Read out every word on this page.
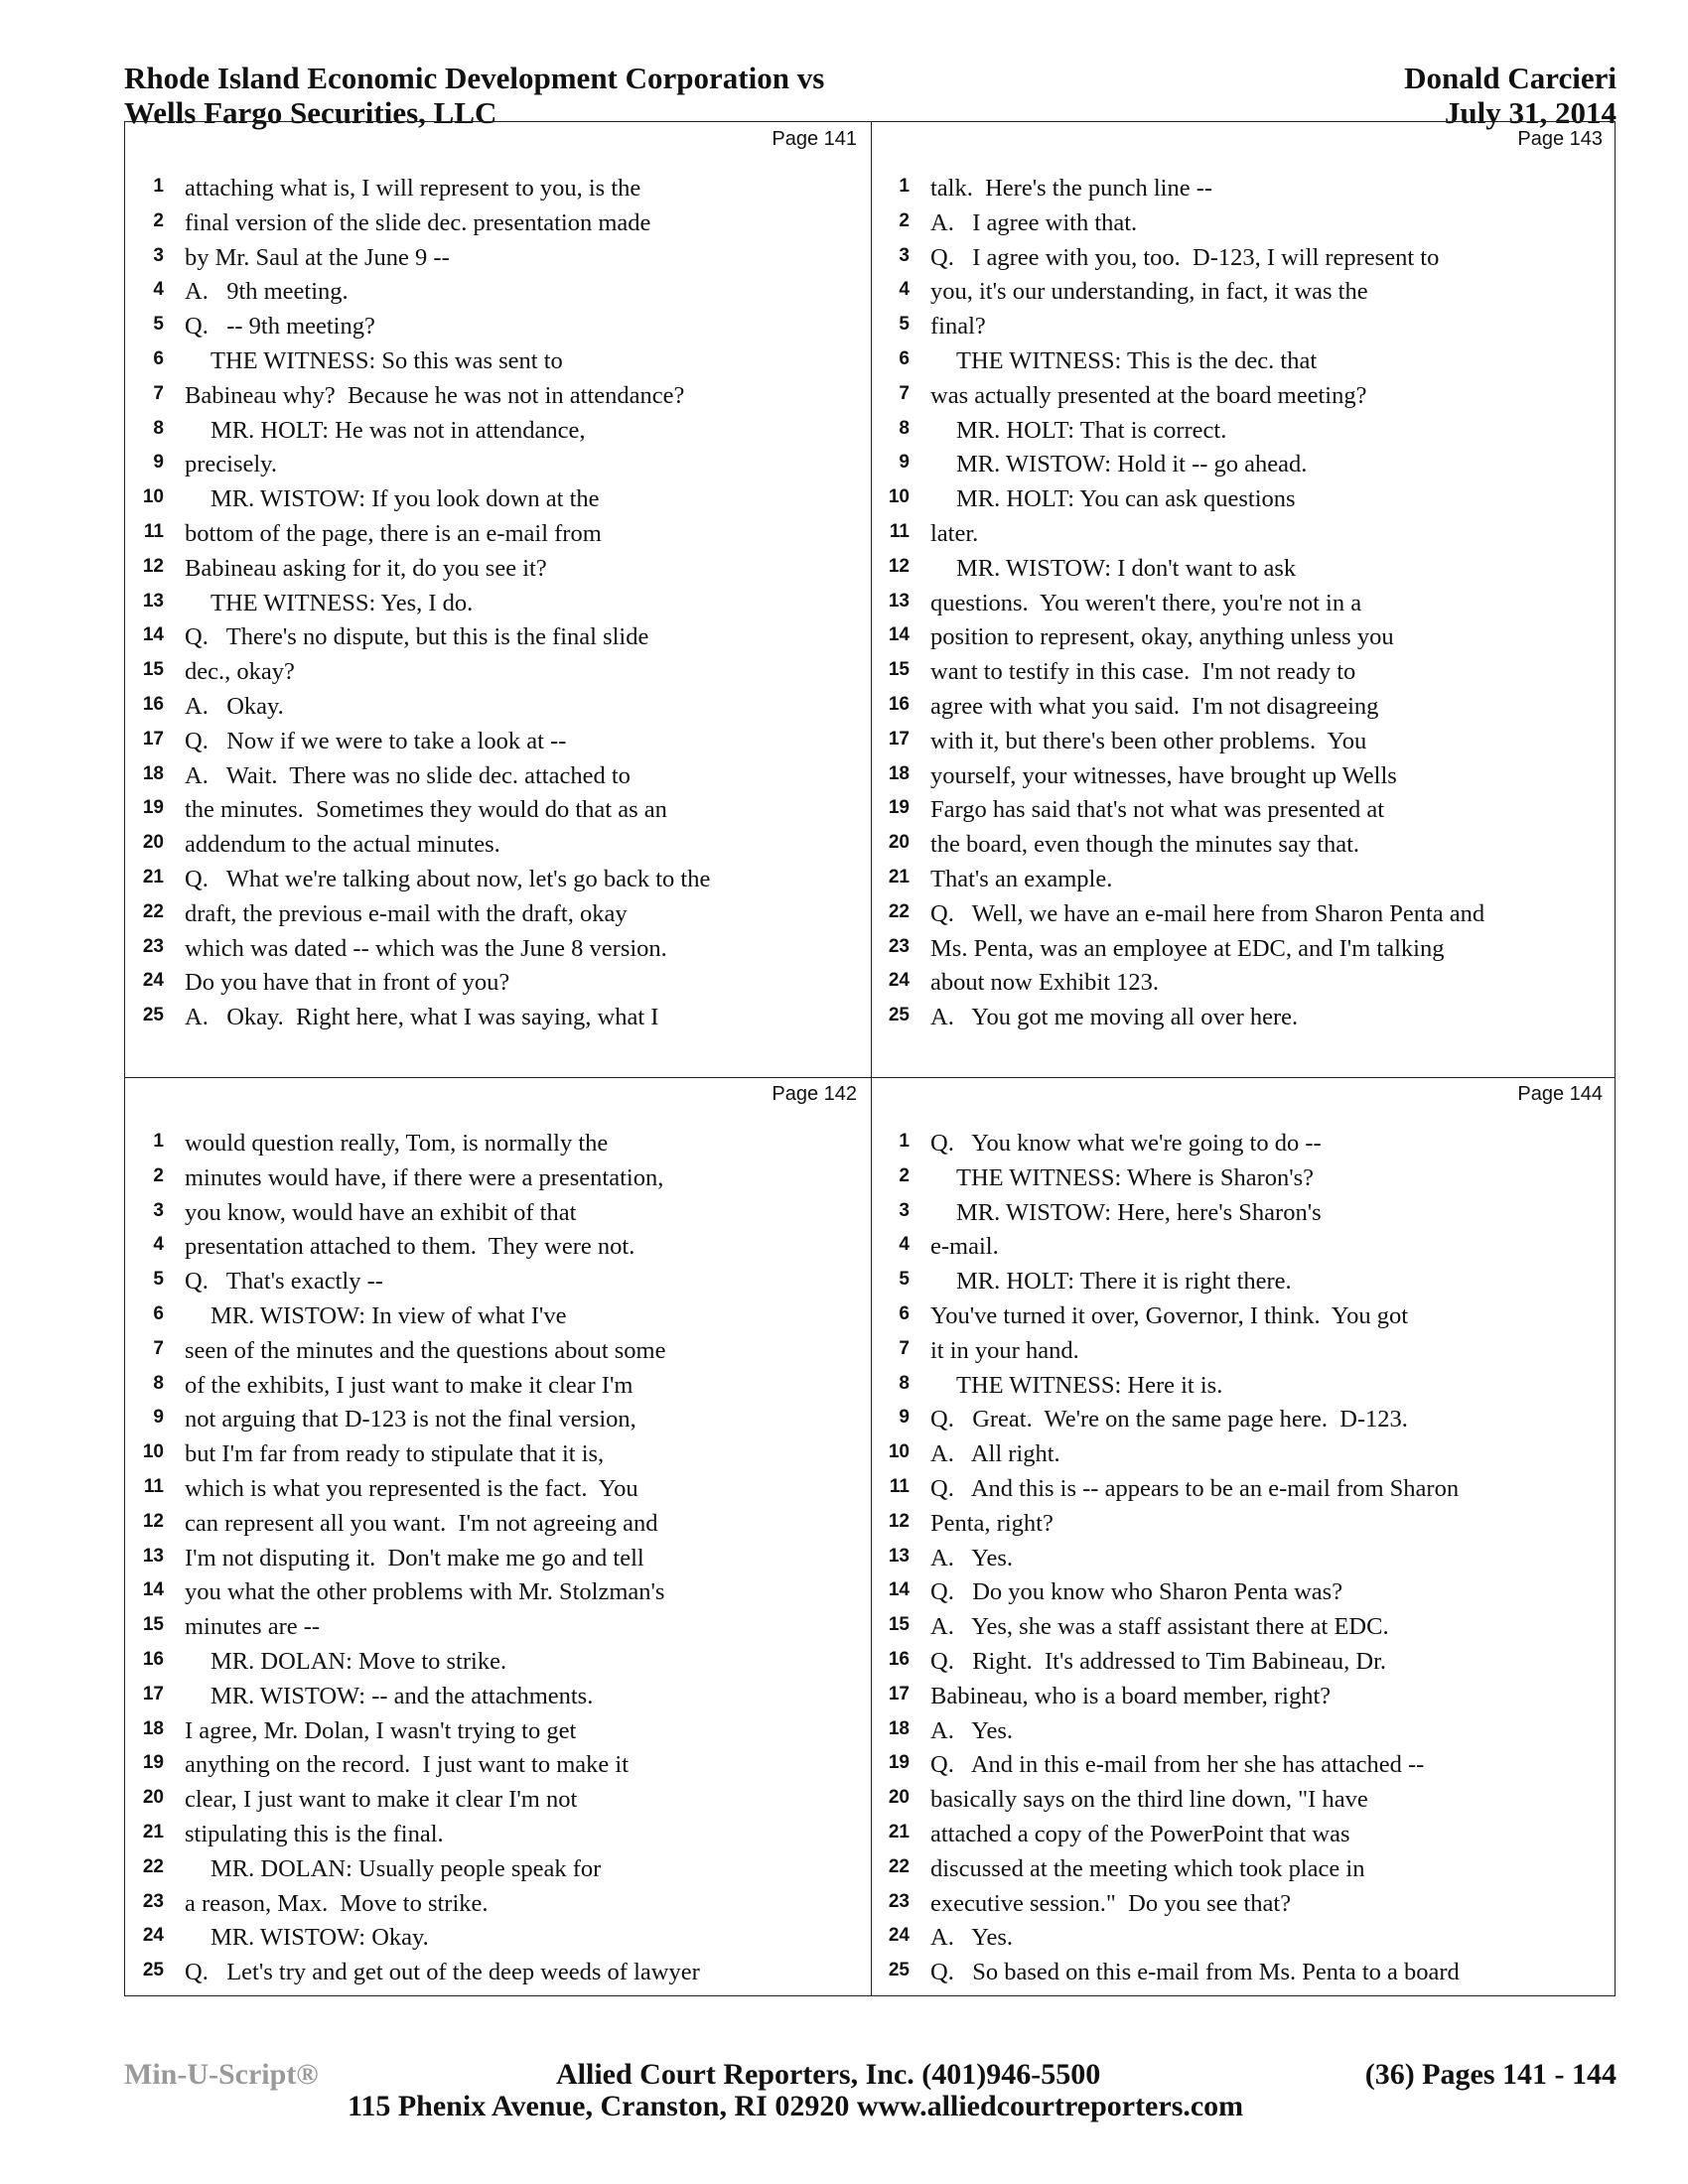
Rhode Island Economic Development Corporation vs
Wells Fargo Securities, LLC
Donald Carcieri
July 31, 2014
Page 141
1 attaching what is, I will represent to you, is the
2 final version of the slide dec. presentation made
3 by Mr. Saul at the June 9 --
4 A.   9th meeting.
5 Q.   -- 9th meeting?
6 THE WITNESS: So this was sent to
7 Babineau why?  Because he was not in attendance?
8 MR. HOLT: He was not in attendance,
9 precisely.
10 MR. WISTOW: If you look down at the
11 bottom of the page, there is an e-mail from
12 Babineau asking for it, do you see it?
13 THE WITNESS: Yes, I do.
14 Q.   There's no dispute, but this is the final slide
15 dec., okay?
16 A.   Okay.
17 Q.   Now if we were to take a look at --
18 A.   Wait.  There was no slide dec. attached to
19 the minutes.  Sometimes they would do that as an
20 addendum to the actual minutes.
21 Q.   What we're talking about now, let's go back to the
22 draft, the previous e-mail with the draft, okay
23 which was dated -- which was the June 8 version.
24 Do you have that in front of you?
25 A.   Okay.  Right here, what I was saying, what I
Page 143
1 talk.  Here's the punch line --
2 A.   I agree with that.
3 Q.   I agree with you, too.  D-123, I will represent to
4 you, it's our understanding, in fact, it was the
5 final?
6 THE WITNESS: This is the dec. that
7 was actually presented at the board meeting?
8 MR. HOLT: That is correct.
9 MR. WISTOW: Hold it -- go ahead.
10 MR. HOLT: You can ask questions
11 later.
12 MR. WISTOW: I don't want to ask
13 questions.  You weren't there, you're not in a
14 position to represent, okay, anything unless you
15 want to testify in this case.  I'm not ready to
16 agree with what you said.  I'm not disagreeing
17 with it, but there's been other problems.  You
18 yourself, your witnesses, have brought up Wells
19 Fargo has said that's not what was presented at
20 the board, even though the minutes say that.
21 That's an example.
22 Q.   Well, we have an e-mail here from Sharon Penta and
23 Ms. Penta, was an employee at EDC, and I'm talking
24 about now Exhibit 123.
25 A.   You got me moving all over here.
Page 142
1 would question really, Tom, is normally the
2 minutes would have, if there were a presentation,
3 you know, would have an exhibit of that
4 presentation attached to them.  They were not.
5 Q.   That's exactly --
6 MR. WISTOW: In view of what I've
7 seen of the minutes and the questions about some
8 of the exhibits, I just want to make it clear I'm
9 not arguing that D-123 is not the final version,
10 but I'm far from ready to stipulate that it is,
11 which is what you represented is the fact.  You
12 can represent all you want.  I'm not agreeing and
13 I'm not disputing it.  Don't make me go and tell
14 you what the other problems with Mr. Stolzman's
15 minutes are --
16 MR. DOLAN: Move to strike.
17 MR. WISTOW: -- and the attachments.
18 I agree, Mr. Dolan, I wasn't trying to get
19 anything on the record.  I just want to make it
20 clear, I just want to make it clear I'm not
21 stipulating this is the final.
22 MR. DOLAN: Usually people speak for
23 a reason, Max.  Move to strike.
24 MR. WISTOW: Okay.
25 Q.   Let's try and get out of the deep weeds of lawyer
Page 144
1 Q.   You know what we're going to do --
2 THE WITNESS: Where is Sharon's?
3 MR. WISTOW: Here, here's Sharon's
4 e-mail.
5 MR. HOLT: There it is right there.
6 You've turned it over, Governor, I think.  You got
7 it in your hand.
8 THE WITNESS: Here it is.
9 Q.   Great.  We're on the same page here.  D-123.
10 A.   All right.
11 Q.   And this is -- appears to be an e-mail from Sharon
12 Penta, right?
13 A.   Yes.
14 Q.   Do you know who Sharon Penta was?
15 A.   Yes, she was a staff assistant there at EDC.
16 Q.   Right.  It's addressed to Tim Babineau, Dr.
17 Babineau, who is a board member, right?
18 A.   Yes.
19 Q.   And in this e-mail from her she has attached --
20 basically says on the third line down, "I have
21 attached a copy of the PowerPoint that was
22 discussed at the meeting which took place in
23 executive session."  Do you see that?
24 A.   Yes.
25 Q.   So based on this e-mail from Ms. Penta to a board
Min-U-Script®	Allied Court Reporters, Inc. (401)946-5500	(36) Pages 141 - 144
115 Phenix Avenue, Cranston, RI 02920 www.alliedcourtreporters.com
